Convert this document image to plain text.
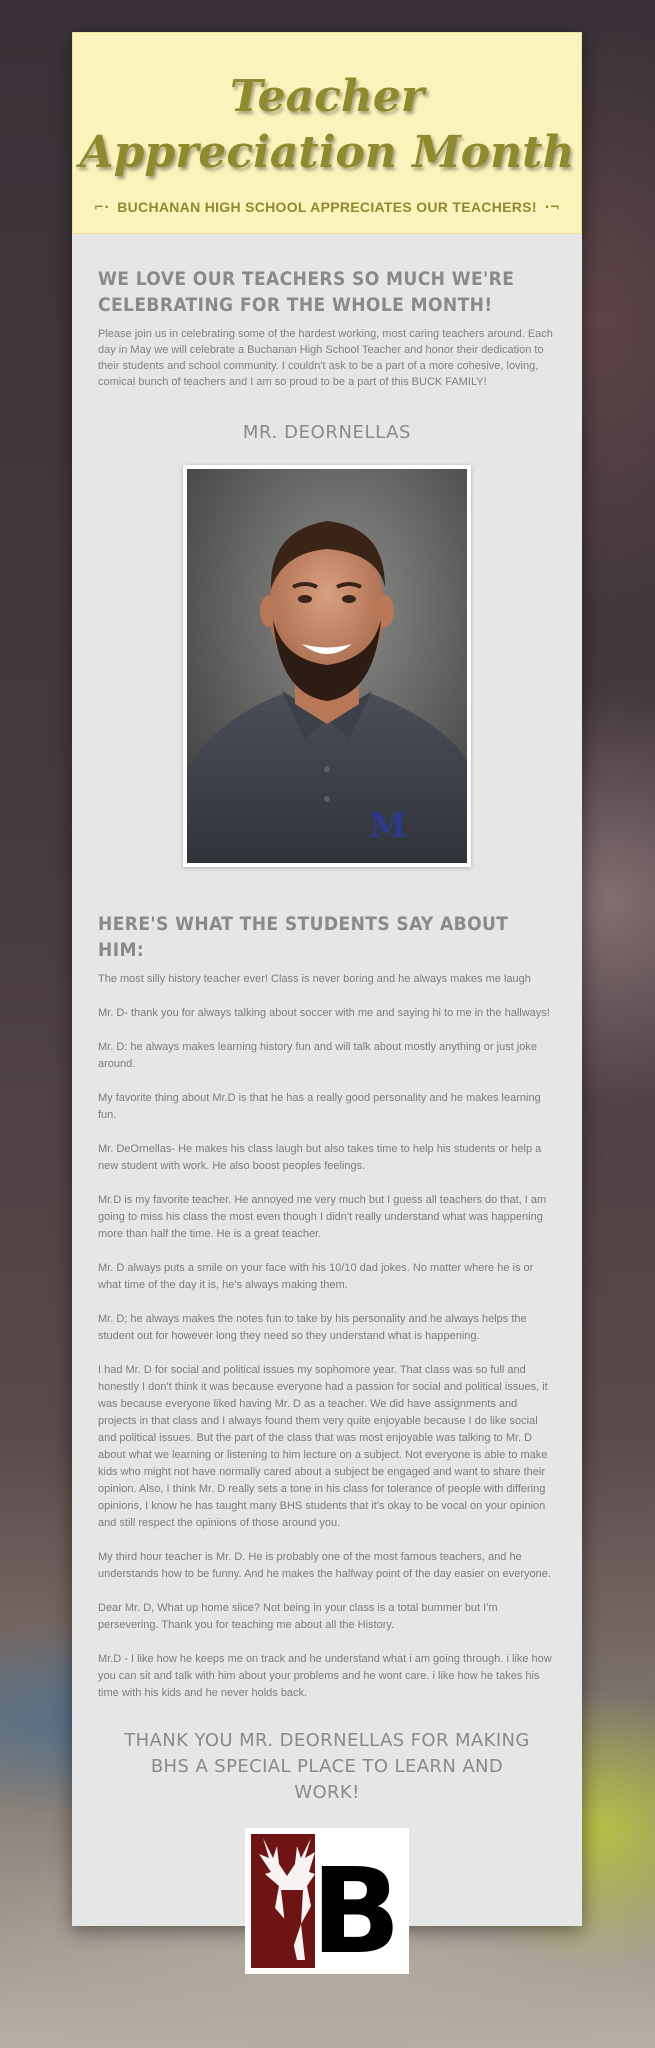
Teacher
Appreciation Month
⌐· BUCHANAN HIGH SCHOOL APPRECIATES OUR TEACHERS! ·¬
WE LOVE OUR TEACHERS SO MUCH WE'RE CELEBRATING FOR THE WHOLE MONTH!

Please join us in celebrating some of the hardest working, most caring teachers around. Each day in May we will celebrate a Buchanan High School Teacher and honor their dedication to their students and school community. I couldn't ask to be a part of a more cohesive, loving, comical bunch of teachers and I am so proud to be a part of this BUCK FAMILY!

MR. DEORNELLAS
M
HERE'S WHAT THE STUDENTS SAY ABOUT HIM:

The most silly history teacher ever! Class is never boring and he always makes me laugh

Mr. D- thank you for always talking about soccer with me and saying hi to me in the hallways!

Mr. D: he always makes learning history fun and will talk about mostly anything or just joke around.

My favorite thing about Mr.D is that he has a really good personality and he makes learning fun.

Mr. DeOrnellas- He makes his class laugh but also takes time to help his students or help a new student with work. He also boost peoples feelings.

Mr.D is my favorite teacher. He annoyed me very much but I guess all teachers do that, I am going to miss his class the most even though I didn't really understand what was happening more than half the time. He is a great teacher.

Mr. D always puts a smile on your face with his 10/10 dad jokes. No matter where he is or what time of the day it is, he's always making them.

Mr. D; he always makes the notes fun to take by his personality and he always helps the student out for however long they need so they understand what is happening.

I had Mr. D for social and political issues my sophomore year. That class was so full and honestly I don't think it was because everyone had a passion for social and political issues, it was because everyone liked having Mr. D as a teacher. We did have assignments and projects in that class and I always found them very quite enjoyable because I do like social and political issues. But the part of the class that was most enjoyable was talking to Mr. D about what we learning or listening to him lecture on a subject. Not everyone is able to make kids who might not have normally cared about a subject be engaged and want to share their opinion. Also, I think Mr. D really sets a tone in his class for tolerance of people with differing opinions, I know he has taught many BHS students that it's okay to be vocal on your opinion and still respect the opinions of those around you.

My third hour teacher is Mr. D. He is probably one of the most famous teachers, and he understands how to be funny. And he makes the halfway point of the day easier on everyone.

Dear Mr. D, What up home slice? Not being in your class is a total bummer but I'm persevering. Thank you for teaching me about all the History.

Mr.D - I like how he keeps me on track and he understand what i am going through. i like how you can sit and talk with him about your problems and he wont care. i like how he takes his time with his kids and he never holds back.

THANK YOU MR. DEORNELLAS FOR MAKING BHS A SPECIAL PLACE TO LEARN AND WORK!
B
